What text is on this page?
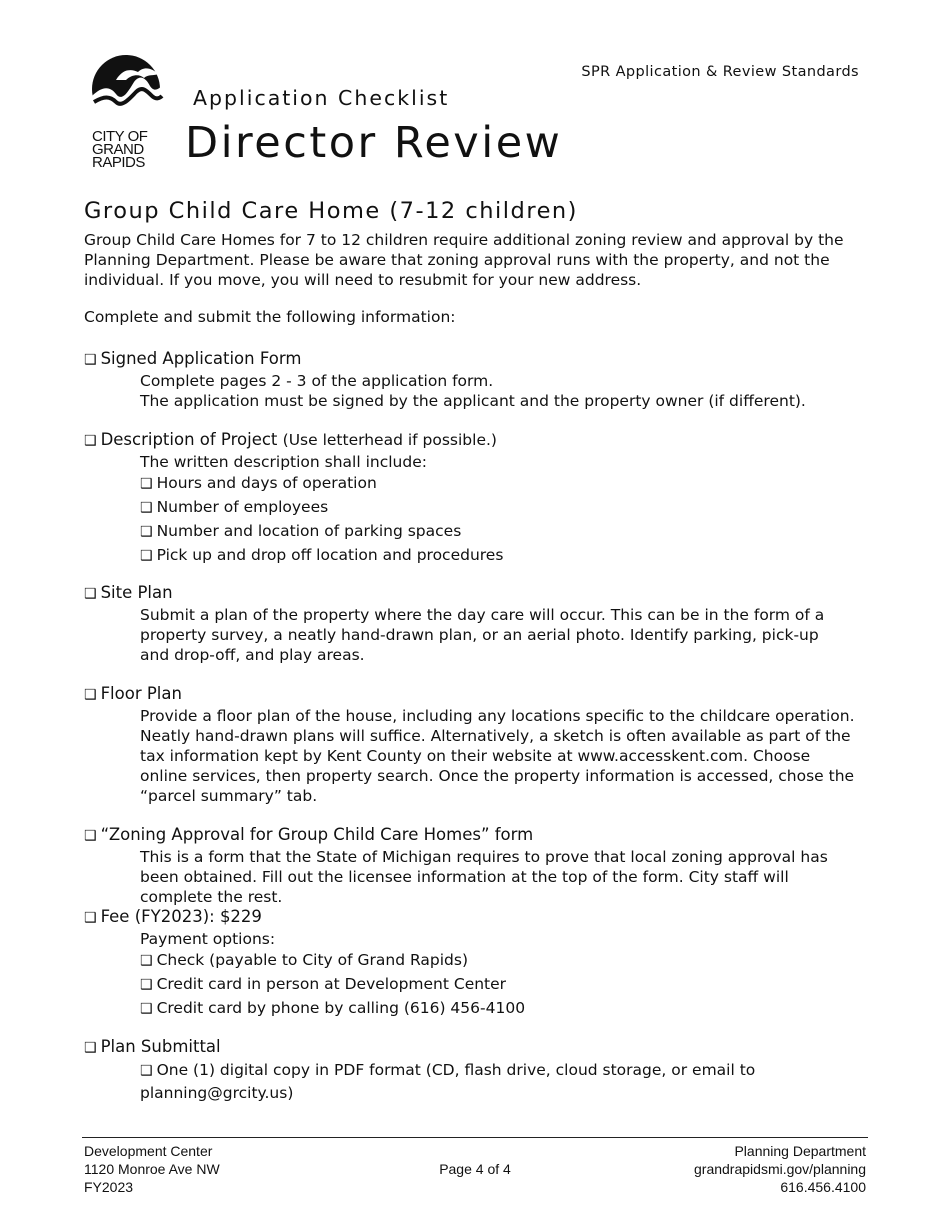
CITY OF
GRAND
RAPIDS
SPR Application & Review Standards
Application Checklist
Director Review
Group Child Care Home (7-12 children)
Group Child Care Homes for 7 to 12 children require additional zoning review and approval by the Planning Department. Please be aware that zoning approval runs with the property, and not the individual. If you move, you will need to resubmit for your new address.
Complete and submit the following information:
❑ Signed Application Form
Complete pages 2 - 3 of the application form.
The application must be signed by the applicant and the property owner (if different).
❑ Description of Project (Use letterhead if possible.)
The written description shall include:
❑ Hours and days of operation
❑ Number of employees
❑ Number and location of parking spaces
❑ Pick up and drop off location and procedures
❑ Site Plan
Submit a plan of the property where the day care will occur. This can be in the form of a property survey, a neatly hand-drawn plan, or an aerial photo. Identify parking, pick-up and drop-off, and play areas.
❑ Floor Plan
Provide a floor plan of the house, including any locations specific to the childcare operation. Neatly hand-drawn plans will suffice. Alternatively, a sketch is often available as part of the tax information kept by Kent County on their website at www.accesskent.com. Choose online services, then property search. Once the property information is accessed, chose the “parcel summary” tab.
❑ “Zoning Approval for Group Child Care Homes” form
This is a form that the State of Michigan requires to prove that local zoning approval has been obtained. Fill out the licensee information at the top of the form. City staff will complete the rest.
❑ Fee (FY2023): $229
Payment options:
❑ Check (payable to City of Grand Rapids)
❑ Credit card in person at Development Center
❑ Credit card by phone by calling (616) 456-4100
❑ Plan Submittal
❑ One (1) digital copy in PDF format (CD, flash drive, cloud storage, or email to
planning@grcity.us)
Development Center
1120 Monroe Ave NW
FY2023
Page 4 of 4
Planning Department
grandrapidsmi.gov/planning
616.456.4100
